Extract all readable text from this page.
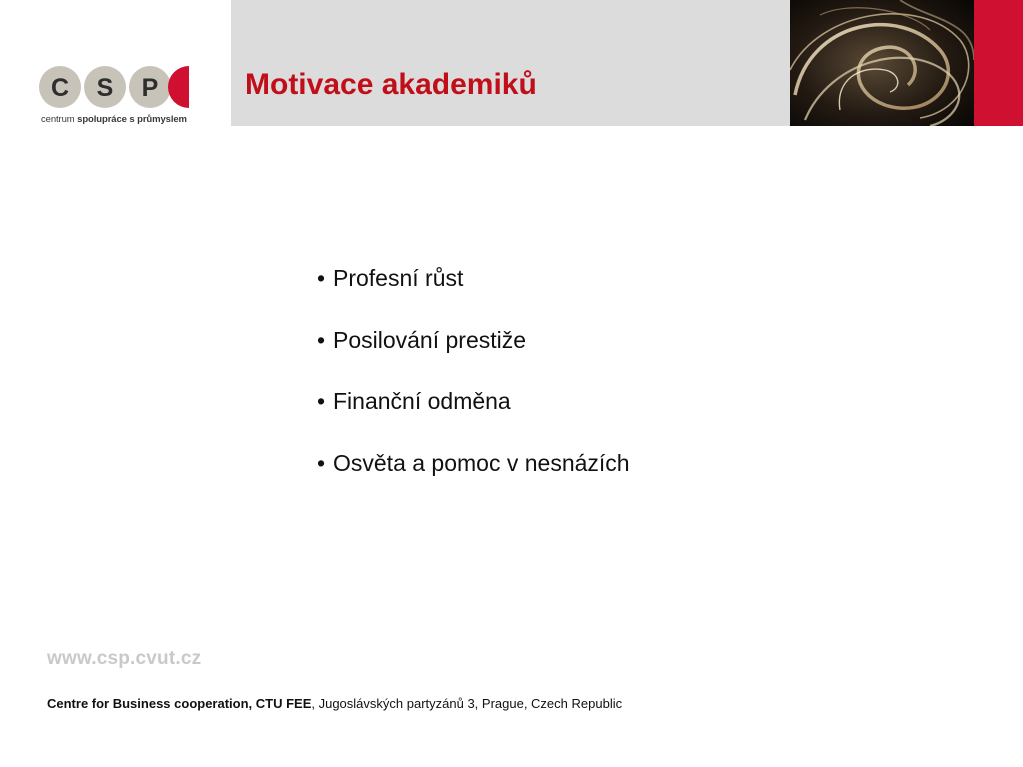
C S P
centrum spolupráce s průmyslem
Motivace akademiků
• Profesní růst
• Posilování prestiže
• Finanční odměna
• Osvěta a pomoc v nesnázích
www.csp.cvut.cz
Centre for Business cooperation, CTU FEE, Jugoslávských partyzánů 3, Prague, Czech Republic
